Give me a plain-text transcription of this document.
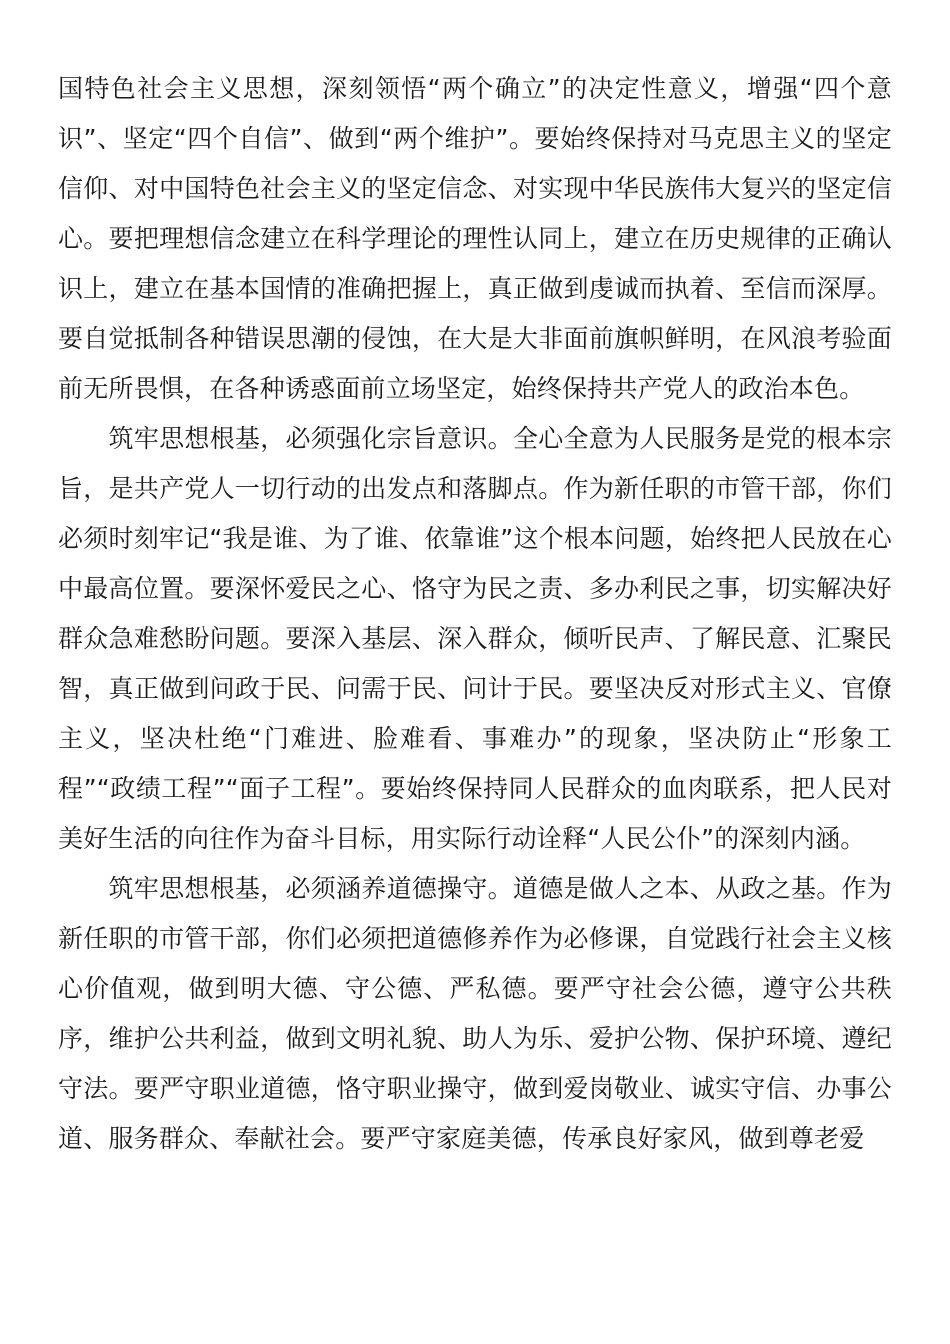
国特色社会主义思想，深刻领悟“两个确立”的决定性意义，增强“四个意识”、坚定“四个自信”、做到“两个维护”。要始终保持对马克思主义的坚定信仰、对中国特色社会主义的坚定信念、对实现中华民族伟大复兴的坚定信心。要把理想信念建立在科学理论的理性认同上，建立在历史规律的正确认识上，建立在基本国情的准确把握上，真正做到虔诚而执着、至信而深厚。要自觉抵制各种错误思潮的侵蚀，在大是大非面前旗帜鲜明，在风浪考验面前无所畏惧，在各种诱惑面前立场坚定，始终保持共产党人的政治本色。

　　筑牢思想根基，必须强化宗旨意识。全心全意为人民服务是党的根本宗旨，是共产党人一切行动的出发点和落脚点。作为新任职的市管干部，你们必须时刻牢记“我是谁、为了谁、依靠谁”这个根本问题，始终把人民放在心中最高位置。要深怀爱民之心、恪守为民之责、多办利民之事，切实解决好群众急难愁盼问题。要深入基层、深入群众，倾听民声、了解民意、汇聚民智，真正做到问政于民、问需于民、问计于民。要坚决反对形式主义、官僚主义，坚决杜绝“门难进、脸难看、事难办”的现象，坚决防止“形象工程”“政绩工程”“面子工程”。要始终保持同人民群众的血肉联系，把人民对美好生活的向往作为奋斗目标，用实际行动诠释“人民公仆”的深刻内涵。

　　筑牢思想根基，必须涵养道德操守。道德是做人之本、从政之基。作为新任职的市管干部，你们必须把道德修养作为必修课，自觉践行社会主义核心价值观，做到明大德、守公德、严私德。要严守社会公德，遵守公共秩序，维护公共利益，做到文明礼貌、助人为乐、爱护公物、保护环境、遵纪守法。要严守职业道德，恪守职业操守，做到爱岗敬业、诚实守信、办事公道、服务群众、奉献社会。要严守家庭美德，传承良好家风，做到尊老爱
